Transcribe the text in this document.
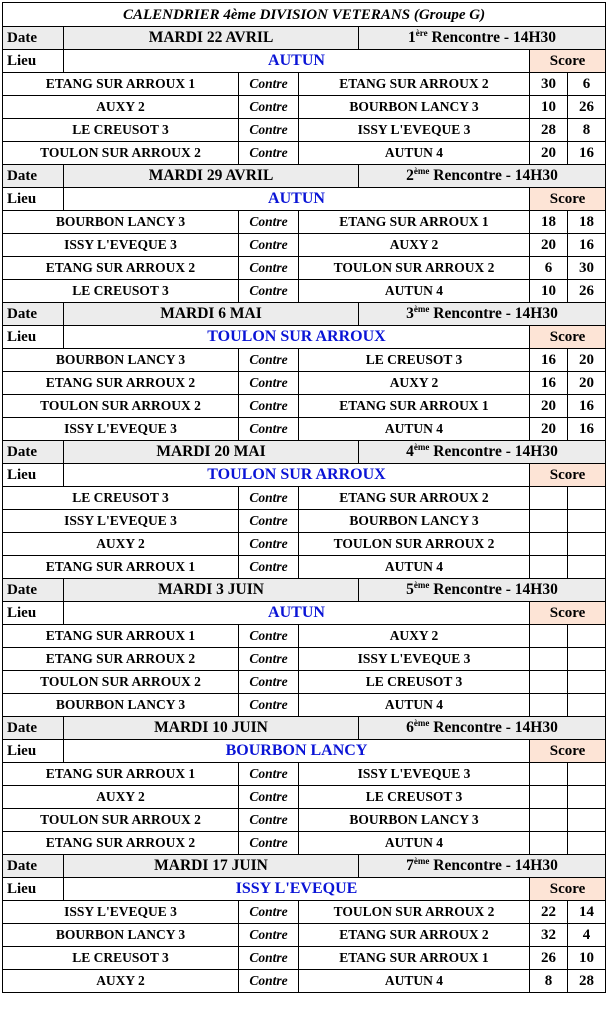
CALENDRIER 4ème DIVISION VETERANS (Groupe G)						
Date	MARDI 22 AVRIL			1ère Rencontre - 14H30		
Lieu	AUTUN				Score	
ETANG SUR ARROUX 1		Contre	ETANG SUR ARROUX 2		30	6
AUXY 2		Contre	BOURBON LANCY 3		10	26
LE CREUSOT 3		Contre	ISSY L'EVEQUE 3		28	8
TOULON SUR ARROUX 2		Contre	AUTUN 4		20	16
Date	MARDI 29 AVRIL			2ème Rencontre - 14H30		
Lieu	AUTUN				Score	
BOURBON LANCY 3		Contre	ETANG SUR ARROUX 1		18	18
ISSY L'EVEQUE 3		Contre	AUXY 2		20	16
ETANG SUR ARROUX 2		Contre	TOULON SUR ARROUX 2		6	30
LE CREUSOT 3		Contre	AUTUN 4		10	26
Date	MARDI 6 MAI			3ème Rencontre - 14H30		
Lieu	TOULON SUR ARROUX				Score	
BOURBON LANCY 3		Contre	LE CREUSOT 3		16	20
ETANG SUR ARROUX 2		Contre	AUXY 2		16	20
TOULON SUR ARROUX 2		Contre	ETANG SUR ARROUX 1		20	16
ISSY L'EVEQUE 3		Contre	AUTUN 4		20	16
Date	MARDI 20 MAI			4ème Rencontre - 14H30		
Lieu	TOULON SUR ARROUX				Score	
LE CREUSOT 3		Contre	ETANG SUR ARROUX 2			
ISSY L'EVEQUE 3		Contre	BOURBON LANCY 3			
AUXY 2		Contre	TOULON SUR ARROUX 2			
ETANG SUR ARROUX 1		Contre	AUTUN 4			
Date	MARDI 3 JUIN			5ème Rencontre - 14H30		
Lieu	AUTUN				Score	
ETANG SUR ARROUX 1		Contre	AUXY 2			
ETANG SUR ARROUX 2		Contre	ISSY L'EVEQUE 3			
TOULON SUR ARROUX 2		Contre	LE CREUSOT 3			
BOURBON LANCY 3		Contre	AUTUN 4			
Date	MARDI 10 JUIN			6ème Rencontre - 14H30		
Lieu	BOURBON LANCY				Score	
ETANG SUR ARROUX 1		Contre	ISSY L'EVEQUE 3			
AUXY 2		Contre	LE CREUSOT 3			
TOULON SUR ARROUX 2		Contre	BOURBON LANCY 3			
ETANG SUR ARROUX 2		Contre	AUTUN 4			
Date	MARDI 17 JUIN			7ème Rencontre - 14H30		
Lieu	ISSY L'EVEQUE				Score	
ISSY L'EVEQUE 3		Contre	TOULON SUR ARROUX 2		22	14
BOURBON LANCY 3		Contre	ETANG SUR ARROUX 2		32	4
LE CREUSOT 3		Contre	ETANG SUR ARROUX 1		26	10
AUXY 2		Contre	AUTUN 4		8	28
